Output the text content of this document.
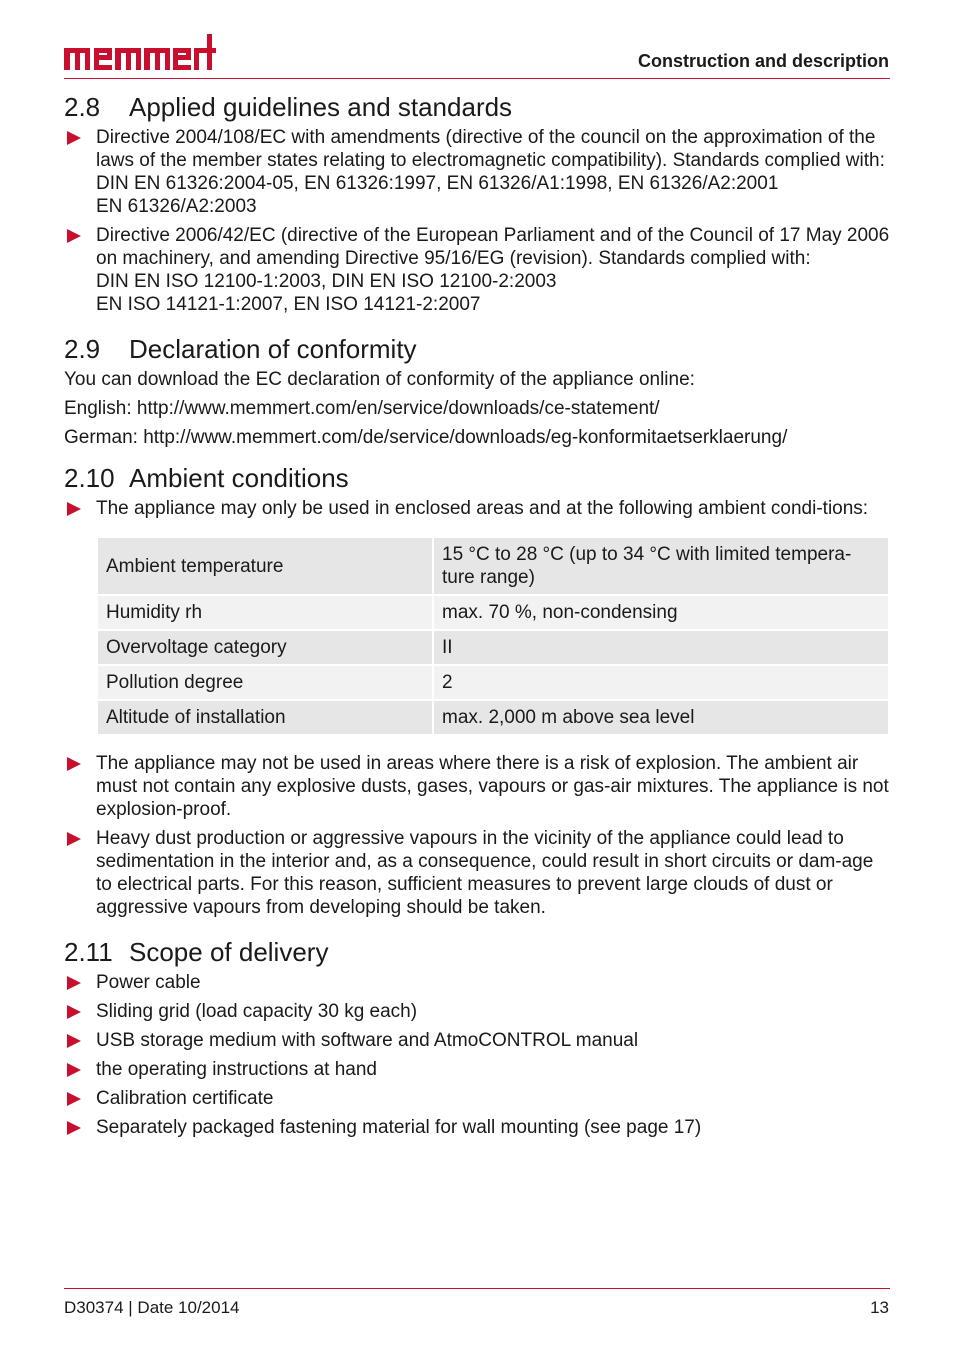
Construction and description
2.8	Applied guidelines and standards
Directive 2004/108/EC with amendments (directive of the council on the approximation of the laws of the member states relating to electromagnetic compatibility). Standards complied with:
DIN EN 61326:2004-05, EN 61326:1997, EN 61326/A1:1998, EN 61326/A2:2001
EN 61326/A2:2003
Directive 2006/42/EC (directive of the European Parliament and of the Council of 17 May 2006 on machinery, and amending Directive 95/16/EG (revision). Standards complied with:
DIN EN ISO 12100-1:2003, DIN EN ISO 12100-2:2003
EN ISO 14121-1:2007, EN ISO 14121-2:2007
2.9	Declaration of conformity

You can download the EC declaration of conformity of the appliance online:

English: http://www.memmert.com/en/service/downloads/ce-statement/

German: http://www.memmert.com/de/service/downloads/eg-konformitaetserklaerung/

2.10 Ambient conditions
The appliance may only be used in enclosed areas and at the following ambient condi-tions:
Ambient temperature	15 °C to 28 °C (up to 34 °C with limited tempera-ture range)
Humidity rh	max. 70 %, non-condensing
Overvoltage category	II
Pollution degree	2
Altitude of installation	max. 2,000 m above sea level
The appliance may not be used in areas where there is a risk of explosion. The ambient air must not contain any explosive dusts, gases, vapours or gas-air mixtures. The appliance is not explosion-proof.
Heavy dust production or aggressive vapours in the vicinity of the appliance could lead to sedimentation in the interior and, as a consequence, could result in short circuits or dam-age to electrical parts. For this reason, sufficient measures to prevent large clouds of dust or aggressive vapours from developing should be taken.
2.11 Scope of delivery
Power cable
Sliding grid (load capacity 30 kg each)
USB storage medium with software and AtmoCONTROL manual
the operating instructions at hand
Calibration certificate
Separately packaged fastening material for wall mounting (see page 17)
D30374 | Date 10/2014	13
